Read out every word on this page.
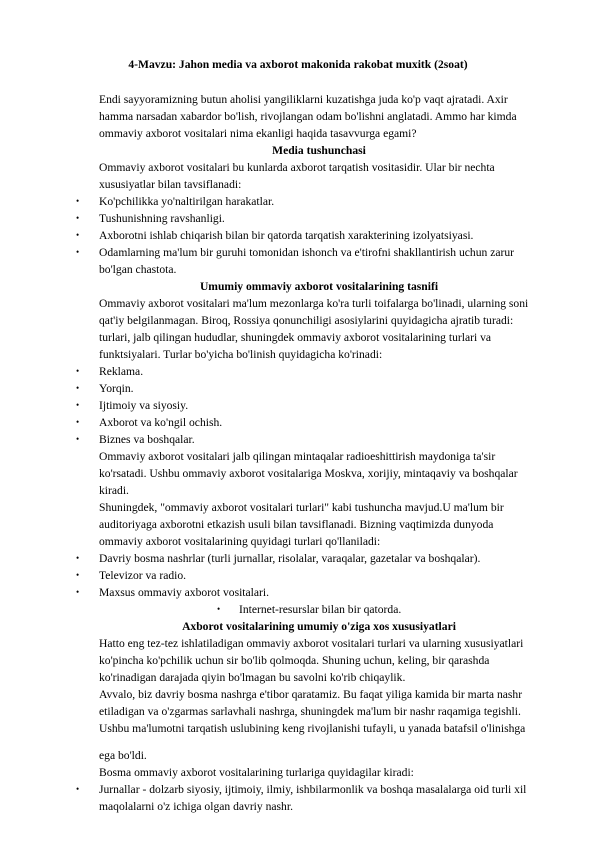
4-Mavzu: Jahon media va axborot makonida rakobat muxitk (2soat)

Endi sayyoramizning butun aholisi yangiliklarni kuzatishga juda ko'p vaqt ajratadi. Axir hamma narsadan xabardor bo'lish, rivojlangan odam bo'lishni anglatadi. Ammo har kimda ommaviy axborot vositalari nima ekanligi haqida tasavvurga egami?

Media tushunchasi

Ommaviy axborot vositalari bu kunlarda axborot tarqatish vositasidir. Ular bir nechta xususiyatlar bilan tavsiflanadi:

• Ko'pchilikka yo'naltirilgan harakatlar.
• Tushunishning ravshanligi.
• Axborotni ishlab chiqarish bilan bir qatorda tarqatish xarakterining izolyatsiyasi.
• Odamlarning ma'lum bir guruhi tomonidan ishonch va e'tirofni shakllantirish uchun zarur bo'lgan chastota.

Umumiy ommaviy axborot vositalarining tasnifi

Ommaviy axborot vositalari ma'lum mezonlarga ko'ra turli toifalarga bo'linadi, ularning soni qat'iy belgilanmagan. Biroq, Rossiya qonunchiligi asosiylarini quyidagicha ajratib turadi: turlari, jalb qilingan hududlar, shuningdek ommaviy axborot vositalarining turlari va funktsiyalari. Turlar bo'yicha bo'linish quyidagicha ko'rinadi:

• Reklama.
• Yorqin.
• Ijtimoiy va siyosiy.
• Axborot va ko'ngil ochish.
• Biznes va boshqalar.

Ommaviy axborot vositalari jalb qilingan mintaqalar radioeshittirish maydoniga ta'sir ko'rsatadi. Ushbu ommaviy axborot vositalariga Moskva, xorijiy, mintaqaviy va boshqalar kiradi.

Shuningdek, "ommaviy axborot vositalari turlari" kabi tushuncha mavjud.U ma'lum bir auditoriyaga axborotni etkazish usuli bilan tavsiflanadi. Bizning vaqtimizda dunyoda ommaviy axborot vositalarining quyidagi turlari qo'llaniladi:

• Davriy bosma nashrlar (turli jurnallar, risolalar, varaqalar, gazetalar va boshqalar).
• Televizor va radio.
• Maxsus ommaviy axborot vositalari.
• Internet-resurslar bilan bir qatorda.

Axborot vositalarining umumiy o'ziga xos xususiyatlari

Hatto eng tez-tez ishlatiladigan ommaviy axborot vositalari turlari va ularning xususiyatlari ko'pincha ko'pchilik uchun sir bo'lib qolmoqda. Shuning uchun, keling, bir qarashda ko'rinadigan darajada qiyin bo'lmagan bu savolni ko'rib chiqaylik.

Avvalo, biz davriy bosma nashrga e'tibor qaratamiz. Bu faqat yiliga kamida bir marta nashr etiladigan va o'zgarmas sarlavhali nashrga, shuningdek ma'lum bir nashr raqamiga tegishli. Ushbu ma'lumotni tarqatish uslubining keng rivojlanishi tufayli, u yanada batafsil o'linishga

ega bo'ldi.

Bosma ommaviy axborot vositalarining turlariga quyidagilar kiradi:

• Jurnallar - dolzarb siyosiy, ijtimoiy, ilmiy, ishbilarmonlik va boshqa masalalarga oid turli xil maqolalarni o'z ichiga olgan davriy nashr.
